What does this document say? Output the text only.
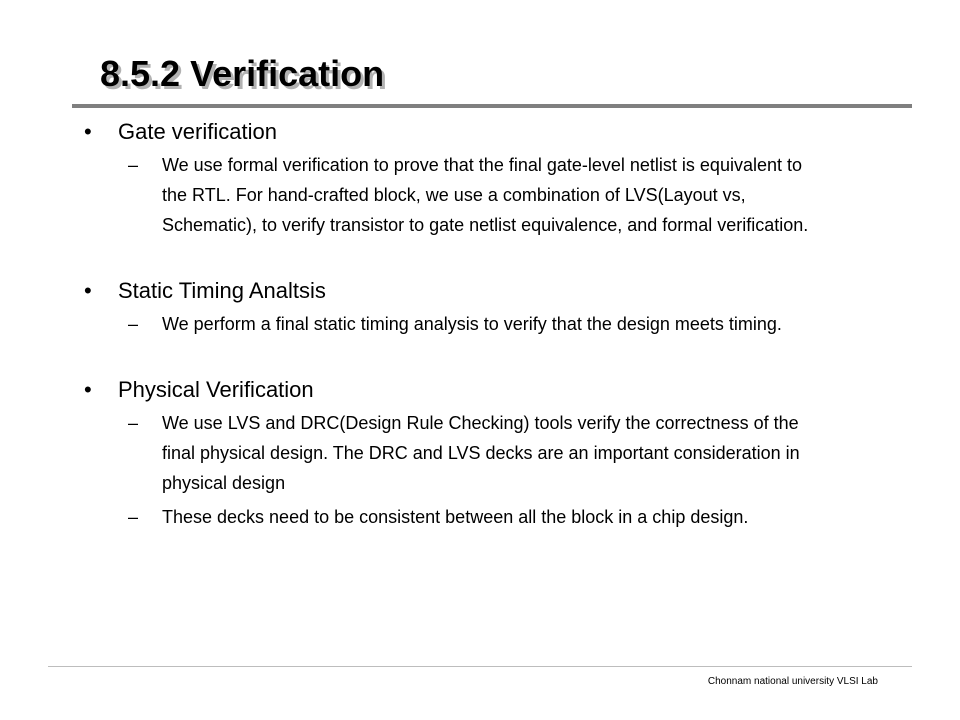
8.5.2 Verification
• Gate verification
– We use formal verification to prove that the final gate-level netlist is equivalent to the RTL. For hand-crafted block, we use a combination of LVS(Layout vs, Schematic), to verify transistor to gate netlist equivalence, and formal verification.
• Static Timing Analtsis
– We perform a final static timing analysis to verify that the design meets timing.
• Physical Verification
– We use LVS and DRC(Design Rule Checking) tools verify the correctness of the final physical design. The DRC and LVS decks are an important consideration in physical design
– These decks need to be consistent between all the block in a chip design.
Chonnam national university VLSI Lab
